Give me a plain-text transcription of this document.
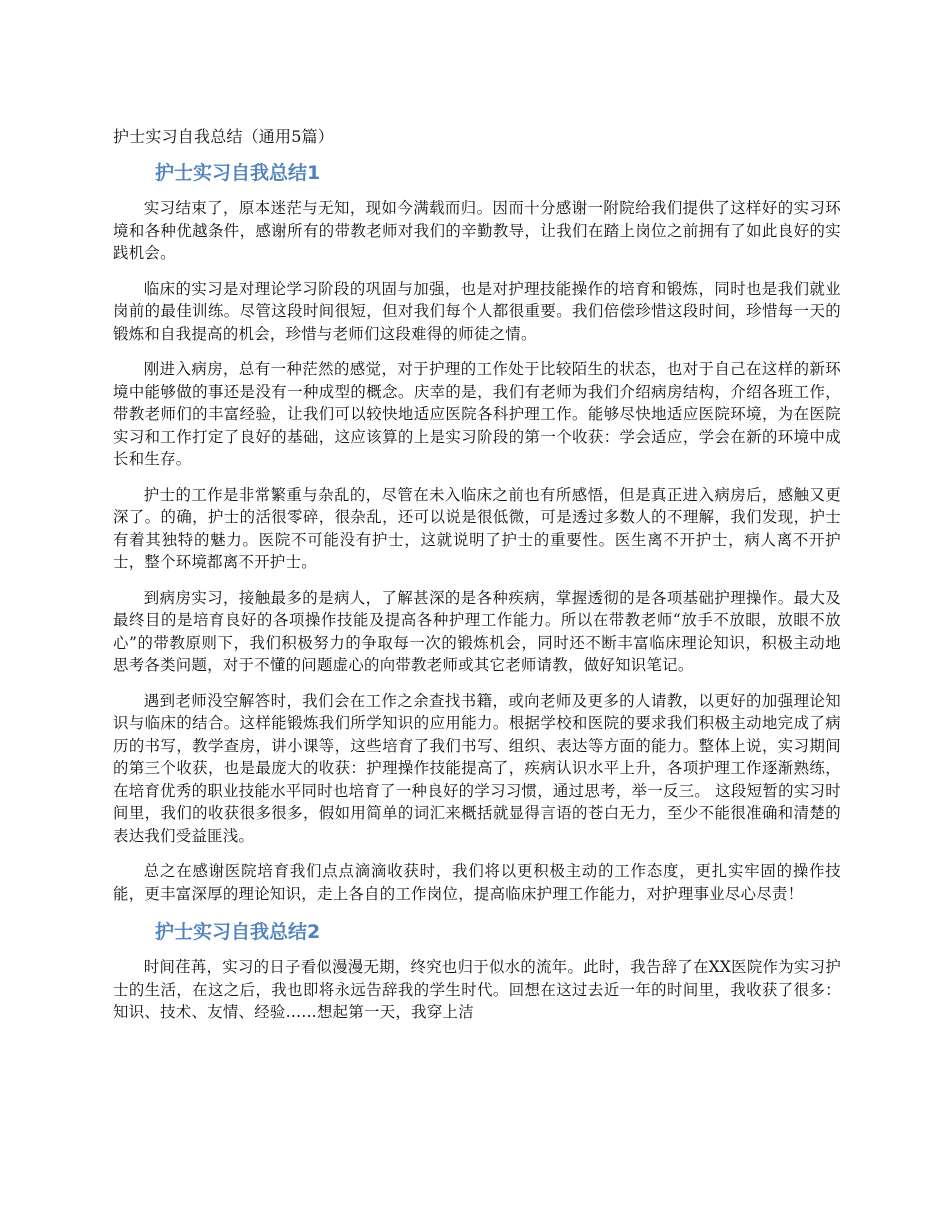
护士实习自我总结（通用5篇）
护士实习自我总结1

实习结束了，原本迷茫与无知，现如今满载而归。因而十分感谢一附院给我们提供了这样好的实习环境和各种优越条件，感谢所有的带教老师对我们的辛勤教导，让我们在踏上岗位之前拥有了如此良好的实践机会。

临床的实习是对理论学习阶段的巩固与加强，也是对护理技能操作的培育和锻炼，同时也是我们就业岗前的最佳训练。尽管这段时间很短，但对我们每个人都很重要。我们倍偿珍惜这段时间，珍惜每一天的锻炼和自我提高的机会，珍惜与老师们这段难得的师徒之情。

刚进入病房，总有一种茫然的感觉，对于护理的工作处于比较陌生的状态，也对于自己在这样的新环境中能够做的事还是没有一种成型的概念。庆幸的是，我们有老师为我们介绍病房结构，介绍各班工作，带教老师们的丰富经验，让我们可以较快地适应医院各科护理工作。能够尽快地适应医院环境，为在医院实习和工作打定了良好的基础，这应该算的上是实习阶段的第一个收获：学会适应，学会在新的环境中成长和生存。

护士的工作是非常繁重与杂乱的，尽管在未入临床之前也有所感悟，但是真正进入病房后，感触又更深了。的确，护士的活很零碎，很杂乱，还可以说是很低微，可是透过多数人的不理解，我们发现，护士有着其独特的魅力。医院不可能没有护士，这就说明了护士的重要性。医生离不开护士，病人离不开护士，整个环境都离不开护士。

到病房实习，接触最多的是病人，了解甚深的是各种疾病，掌握透彻的是各项基础护理操作。最大及最终目的是培育良好的各项操作技能及提高各种护理工作能力。所以在带教老师“放手不放眼，放眼不放心”的带教原则下，我们积极努力的争取每一次的锻炼机会，同时还不断丰富临床理论知识，积极主动地思考各类问题，对于不懂的问题虚心的向带教老师或其它老师请教，做好知识笔记。

遇到老师没空解答时，我们会在工作之余查找书籍，或向老师及更多的人请教，以更好的加强理论知识与临床的结合。这样能锻炼我们所学知识的应用能力。根据学校和医院的要求我们积极主动地完成了病历的书写，教学查房，讲小课等，这些培育了我们书写、组织、表达等方面的能力。整体上说，实习期间的第三个收获，也是最庞大的收获：护理操作技能提高了，疾病认识水平上升，各项护理工作逐渐熟练，在培育优秀的职业技能水平同时也培育了一种良好的学习习惯，通过思考，举一反三。 这段短暂的实习时间里，我们的收获很多很多，假如用简单的词汇来概括就显得言语的苍白无力，至少不能很准确和清楚的表达我们受益匪浅。

总之在感谢医院培育我们点点滴滴收获时，我们将以更积极主动的工作态度，更扎实牢固的操作技能，更丰富深厚的理论知识，走上各自的工作岗位，提高临床护理工作能力，对护理事业尽心尽责！

护士实习自我总结2

时间荏苒，实习的日子看似漫漫无期，终究也归于似水的流年。此时，我告辞了在XX医院作为实习护士的生活，在这之后，我也即将永远告辞我的学生时代。回想在这过去近一年的时间里，我收获了很多：知识、技术、友情、经验……想起第一天，我穿上洁
